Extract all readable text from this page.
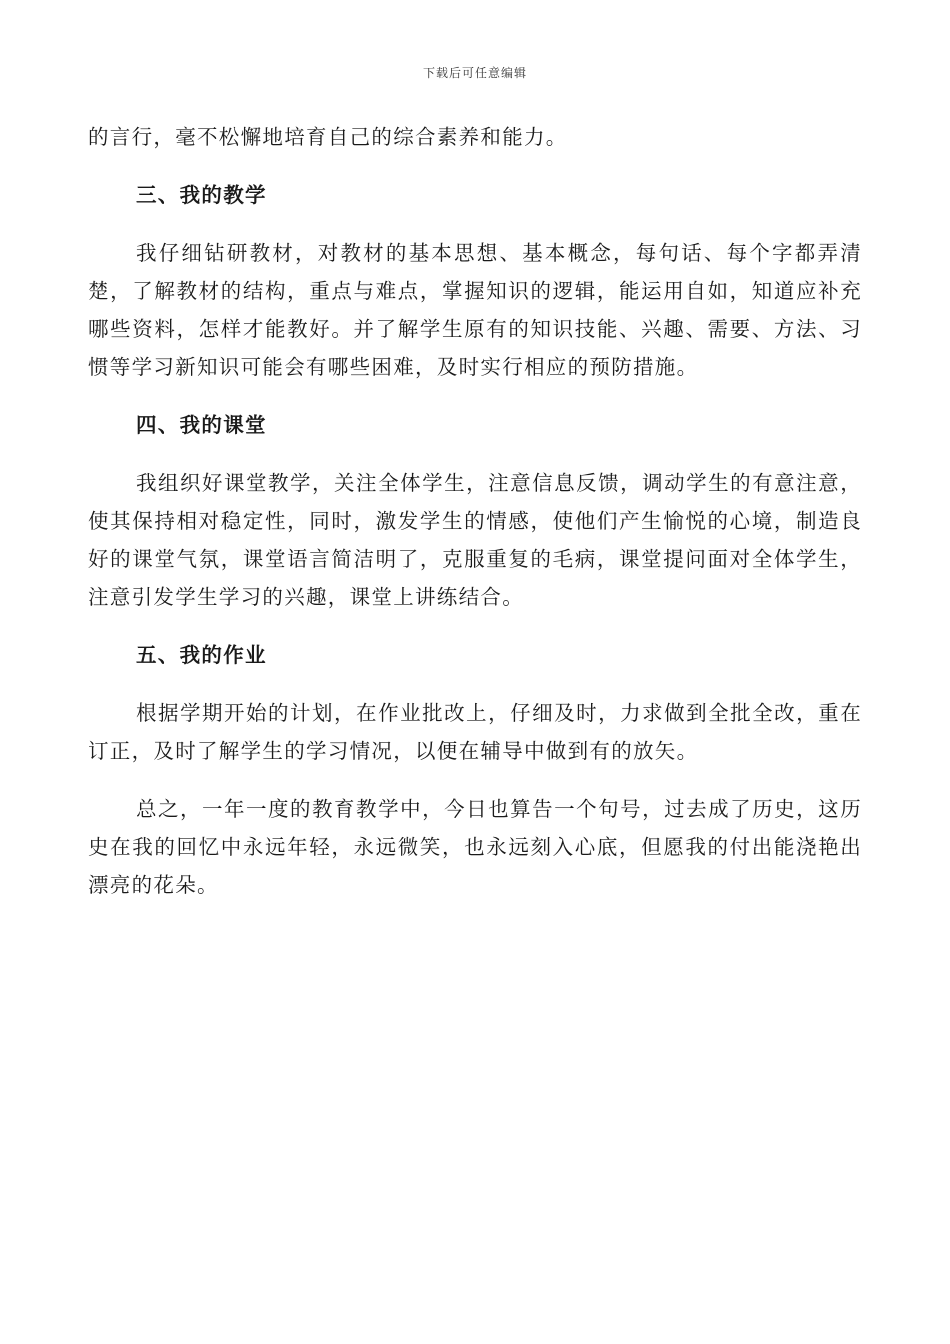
下载后可任意编辑

的言行，毫不松懈地培育自己的综合素养和能力。

三、我的教学

我仔细钻研教材，对教材的基本思想、基本概念，每句话、每个字都弄清楚，了解教材的结构，重点与难点，掌握知识的逻辑，能运用自如，知道应补充哪些资料，怎样才能教好。并了解学生原有的知识技能、兴趣、需要、方法、习惯等学习新知识可能会有哪些困难，及时实行相应的预防措施。

四、我的课堂

我组织好课堂教学，关注全体学生，注意信息反馈，调动学生的有意注意，使其保持相对稳定性，同时，激发学生的情感，使他们产生愉悦的心境，制造良好的课堂气氛，课堂语言简洁明了，克服重复的毛病，课堂提问面对全体学生，注意引发学生学习的兴趣，课堂上讲练结合。

五、我的作业

根据学期开始的计划，在作业批改上，仔细及时，力求做到全批全改，重在订正，及时了解学生的学习情况，以便在辅导中做到有的放矢。

总之，一年一度的教育教学中，今日也算告一个句号，过去成了历史，这历史在我的回忆中永远年轻，永远微笑，也永远刻入心底，但愿我的付出能浇艳出漂亮的花朵。
